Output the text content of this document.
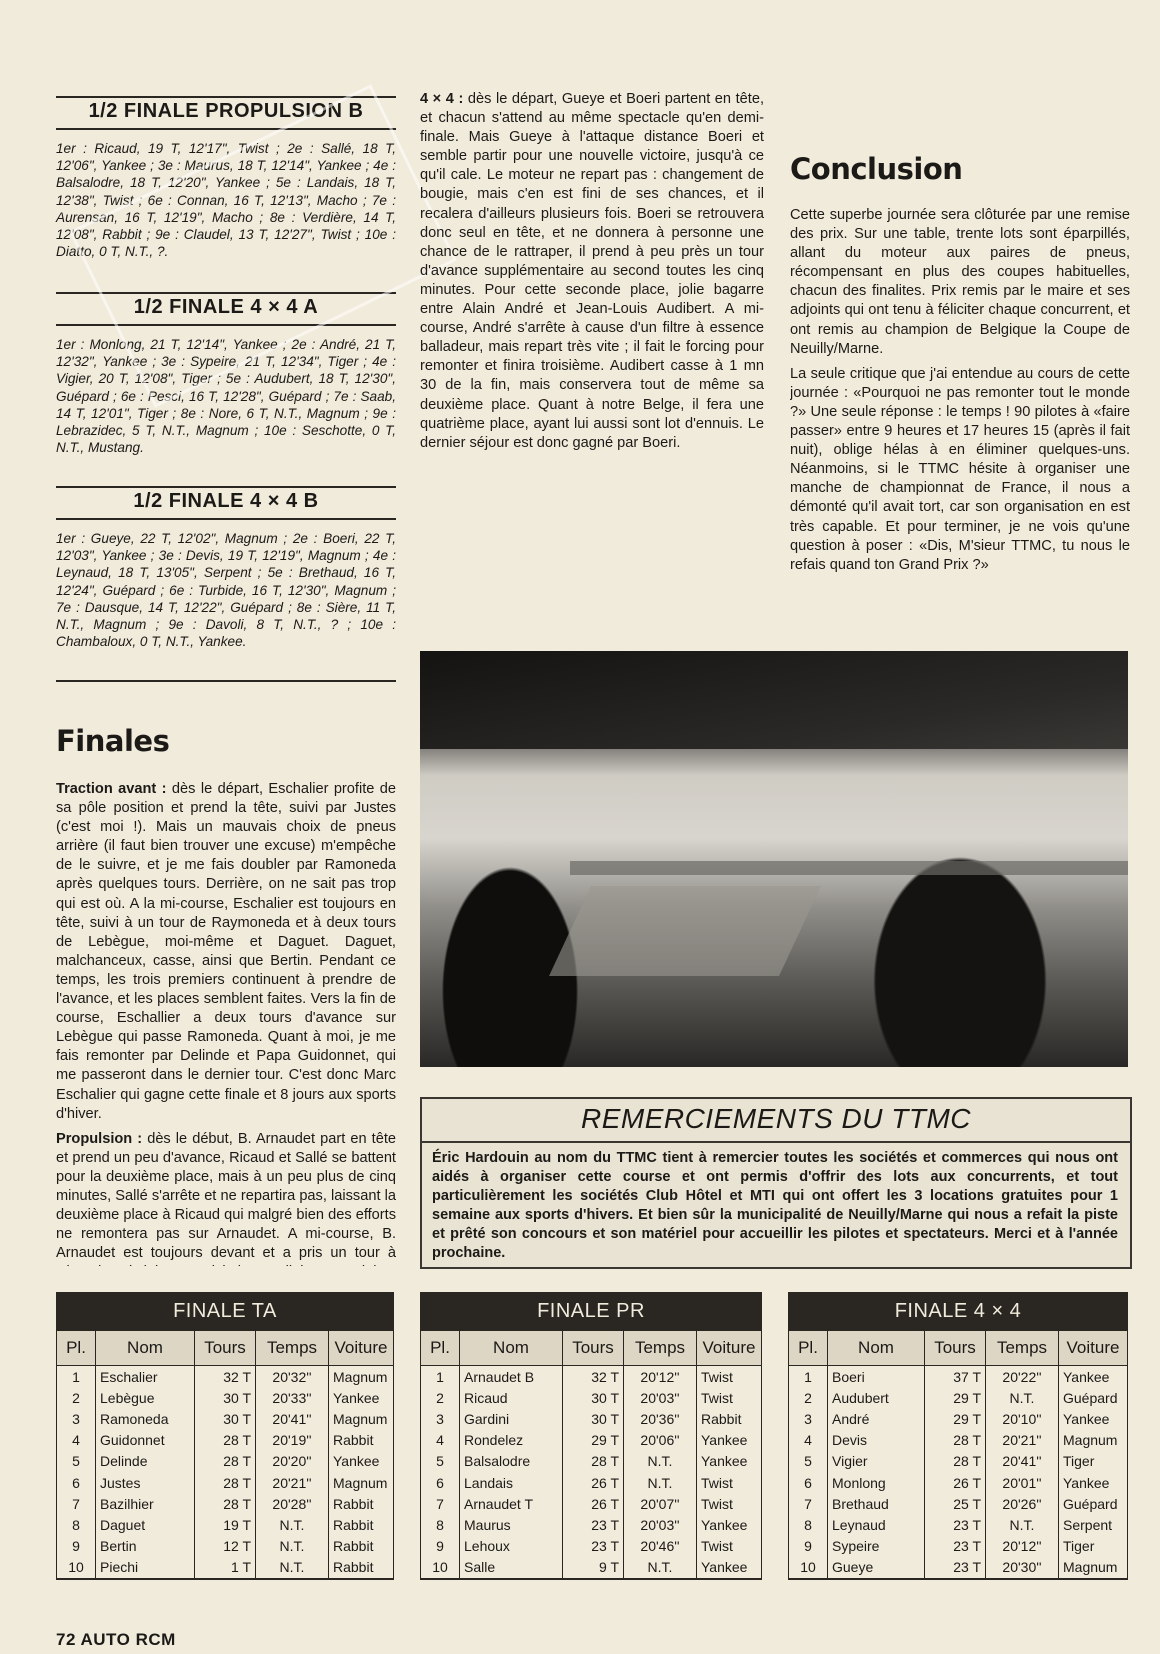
1/2 FINALE PROPULSION B

1er : Ricaud, 19 T, 12'17", Twist ; 2e : Sallé, 18 T, 12'06", Yankee ; 3e : Maurus, 18 T, 12'14", Yankee ; 4e : Balsalodre, 18 T, 12'20", Yankee ; 5e : Landais, 18 T, 12'38", Twist ; 6e : Connan, 16 T, 12'13", Macho ; 7e : Aurensan, 16 T, 12'19", Macho ; 8e : Verdière, 14 T, 12'08", Rabbit ; 9e : Claudel, 13 T, 12'27", Twist ; 10e : Diatto, 0 T, N.T., ?.

1/2 FINALE 4 × 4 A

1er : Monlong, 21 T, 12'14", Yankee ; 2e : André, 21 T, 12'32", Yankee ; 3e : Sypeire, 21 T, 12'34", Tiger ; 4e : Vigier, 20 T, 12'08", Tiger ; 5e : Audubert, 18 T, 12'30", Guépard ; 6e : Pesci, 16 T, 12'28", Guépard ; 7e : Saab, 14 T, 12'01", Tiger ; 8e : Nore, 6 T, N.T., Magnum ; 9e : Lebrazidec, 5 T, N.T., Magnum ; 10e : Seschotte, 0 T, N.T., Mustang.

1/2 FINALE 4 × 4 B

1er : Gueye, 22 T, 12'02", Magnum ; 2e : Boeri, 22 T, 12'03", Yankee ; 3e : Devis, 19 T, 12'19", Magnum ; 4e : Leynaud, 18 T, 13'05", Serpent ; 5e : Brethaud, 16 T, 12'24", Guépard ; 6e : Turbide, 16 T, 12'30", Magnum ; 7e : Dausque, 14 T, 12'22", Guépard ; 8e : Sière, 11 T, N.T., Magnum ; 9e : Davoli, 8 T, N.T., ? ; 10e : Chambaloux, 0 T, N.T., Yankee.

Finales

Traction avant : dès le départ, Eschalier profite de sa pôle position et prend la tête, suivi par Justes (c'est moi !). Mais un mauvais choix de pneus arrière (il faut bien trouver une excuse) m'empêche de le suivre, et je me fais doubler par Ramoneda après quelques tours. Derrière, on ne sait pas trop qui est où. A la mi-course, Eschalier est toujours en tête, suivi à un tour de Raymoneda et à deux tours de Lebègue, moi-même et Daguet. Daguet, malchanceux, casse, ainsi que Bertin. Pendant ce temps, les trois premiers continuent à prendre de l'avance, et les places semblent faites. Vers la fin de course, Eschallier a deux tours d'avance sur Lebègue qui passe Ramoneda. Quant à moi, je me fais remonter par Delinde et Papa Guidonnet, qui me passeront dans le dernier tour. C'est donc Marc Eschalier qui gagne cette finale et 8 jours aux sports d'hiver.

Propulsion : dès le début, B. Arnaudet part en tête et prend un peu d'avance, Ricaud et Sallé se battent pour la deuxième place, mais à un peu plus de cinq minutes, Sallé s'arrête et ne repartira pas, laissant la deuxième place à Ricaud qui malgré bien des efforts ne remontera pas sur Arnaudet. A mi-course, B. Arnaudet est toujours devant et a pris un tour à

4 × 4 : dès le départ, Gueye et Boeri partent en tête, et chacun s'attend au même spectacle qu'en demi-finale. Mais Gueye à l'attaque distance Boeri et semble partir pour une nouvelle victoire, jusqu'à ce qu'il cale. Le moteur ne repart pas : changement de bougie, mais c'en est fini de ses chances, et il recalera d'ailleurs plusieurs fois. Boeri se retrouvera donc seul en tête, et ne donnera à personne une chance de le rattraper, il prend à peu près un tour d'avance supplémentaire au second toutes les cinq minutes. Pour cette seconde place, jolie bagarre entre Alain André et Jean-Louis Audibert. A mi-course, André s'arrête à cause d'un filtre à essence balladeur, mais repart très vite ; il fait le forcing pour remonter et finira troisième. Audibert casse à 1 mn 30 de la fin, mais conservera tout de même sa deuxième place. Quant à notre Belge, il fera une quatrième place, ayant lui aussi sont lot d'ennuis. Le dernier séjour est donc gagné par Boeri.

Conclusion

Cette superbe journée sera clôturée par une remise des prix. Sur une table, trente lots sont éparpillés, allant du moteur aux paires de pneus, récompensant en plus des coupes habituelles, chacun des finalites. Prix remis par le maire et ses adjoints qui ont tenu à féliciter chaque concurrent, et ont remis au champion de Belgique la Coupe de Neuilly/Marne.

La seule critique que j'ai entendue au cours de cette journée : «Pourquoi ne pas remonter tout le monde ?» Une seule réponse : le temps ! 90 pilotes à «faire passer» entre 9 heures et 17 heures 15 (après il fait nuit), oblige hélas à en éliminer quelques-uns. Néanmoins, si le TTMC hésite à organiser une manche de championnat de France, il nous a démonté qu'il avait tort, car son organisation en est très capable. Et pour terminer, je ne vois qu'une question à poser : «Dis, M'sieur TTMC, tu nous le refais quand ton Grand Prix ?»

REMERCIEMENTS DU TTMC

Éric Hardouin au nom du TTMC tient à remercier toutes les sociétés et commerces qui nous ont aidés à organiser cette course et ont permis d'offrir des lots aux concurrents, et tout particulièrement les sociétés Club Hôtel et MTI qui ont offert les 3 locations gratuites pour 1 semaine aux sports d'hivers. Et bien sûr la municipalité de Neuilly/Marne qui nous a refait la piste et prêté son concours et son matériel pour accueillir les pilotes et spectateurs. Merci et à l'année prochaine.

FINALE TA
Pl.	Nom	Tours	Temps	Voiture
1	Eschalier	32 T	20'32''	Magnum
2	Lebègue	30 T	20'33''	Yankee
3	Ramoneda	30 T	20'41''	Magnum
4	Guidonnet	28 T	20'19''	Rabbit
5	Delinde	28 T	20'20''	Yankee
6	Justes	28 T	20'21''	Magnum
7	Bazilhier	28 T	20'28''	Rabbit
8	Daguet	19 T	N.T.	Rabbit
9	Bertin	12 T	N.T.	Rabbit
10	Piechi	1 T	N.T.	Rabbit
FINALE PR
Pl.	Nom	Tours	Temps	Voiture
1	Arnaudet B	32 T	20'12''	Twist
2	Ricaud	30 T	20'03''	Twist
3	Gardini	30 T	20'36''	Rabbit
4	Rondelez	29 T	20'06''	Yankee
5	Balsalodre	28 T	N.T.	Yankee
6	Landais	26 T	N.T.	Twist
7	Arnaudet T	26 T	20'07''	Twist
8	Maurus	23 T	20'03''	Yankee
9	Lehoux	23 T	20'46''	Twist
10	Salle	9 T	N.T.	Yankee
FINALE 4 × 4
Pl.	Nom	Tours	Temps	Voiture
1	Boeri	37 T	20'22''	Yankee
2	Audubert	29 T	N.T.	Guépard
3	André	29 T	20'10''	Yankee
4	Devis	28 T	20'21''	Magnum
5	Vigier	28 T	20'41''	Tiger
6	Monlong	26 T	20'01''	Yankee
7	Brethaud	25 T	20'26''	Guépard
8	Leynaud	23 T	N.T.	Serpent
9	Sypeire	23 T	20'12''	Tiger
10	Gueye	23 T	20'30''	Magnum
72 AUTO RCM
